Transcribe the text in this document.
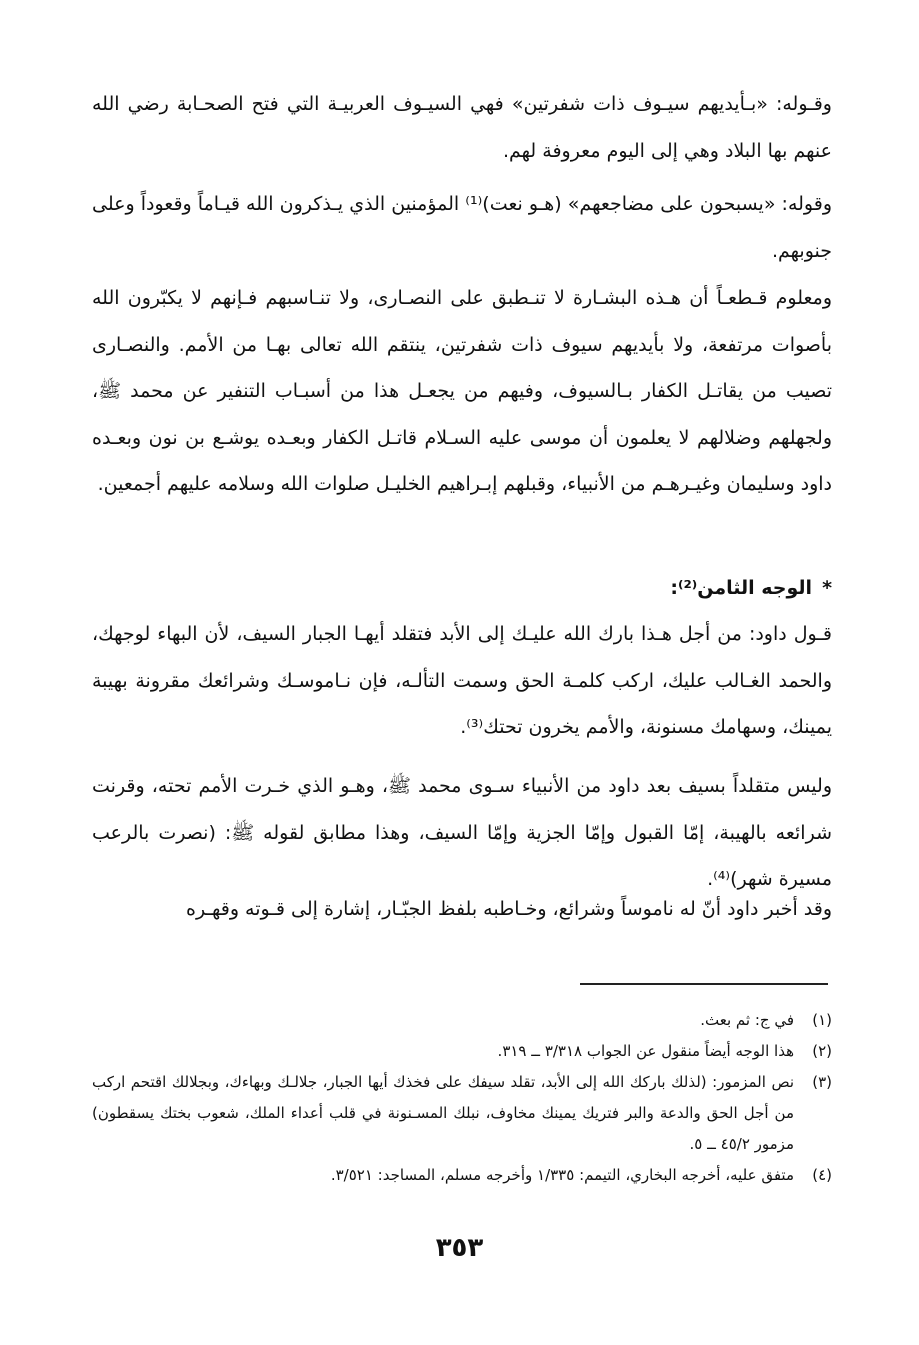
وقـوله: «بـأيديهم سيـوف ذات شفرتين» فهي السيـوف العربيـة التي فتح الصحـابة رضي الله عنهم بها البلاد وهي إلى اليوم معروفة لهم.

وقوله: «يسبحون على مضاجعهم» (هـو نعت)⁽¹⁾ المؤمنين الذي يـذكرون الله قيـاماً وقعوداً وعلى جنوبهم.

ومعلوم قـطعـاً أن هـذه البشـارة لا تنـطبق على النصـارى، ولا تنـاسبهم فـإنهم لا يكبّرون الله بأصوات مرتفعة، ولا بأيديهم سيوف ذات شفرتين، ينتقم الله تعالى بهـا من الأمم. والنصـارى تصيب من يقاتـل الكفار بـالسيوف، وفيهم من يجعـل هذا من أسبـاب التنفير عن محمد ﷺ، ولجهلهم وضلالهم لا يعلمون أن موسى عليه السـلام قاتـل الكفار وبعـده يوشـع بن نون وبعـده داود وسليمان وغيـرهـم من الأنبياء، وقبلهم إبـراهيم الخليـل صلوات الله وسلامه عليهم أجمعين.

*الوجه الثامن⁽²⁾:

قـول داود: من أجل هـذا بارك الله عليـك إلى الأبد فتقلد أيهـا الجبار السيف، لأن البهاء لوجهك، والحمد الغـالب عليك، اركب كلمـة الحق وسمت التألـه، فإن نـاموسـك وشرائعك مقرونة بهيبة يمينك، وسهامك مسنونة، والأمم يخرون تحتك⁽³⁾.

وليس متقلداً بسيف بعد داود من الأنبياء سـوى محمد ﷺ، وهـو الذي خـرت الأمم تحته، وقرنت شرائعه بالهيبة، إمّا القبول وإمّا الجزية وإمّا السيف، وهذا مطابق لقوله ﷺ: (نصرت بالرعب مسيرة شهر)⁽⁴⁾.

وقد أخبر داود أنّ له ناموساً وشرائع، وخـاطبه بلفظ الجبّـار، إشارة إلى قـوته وقهـره

(١)
في ج: ثم بعث.
(٢)
هذا الوجه أيضاً منقول عن الجواب ٣/٣١٨ ــ ٣١٩.
(٣)
نص المزمور: (لذلك باركك الله إلى الأبد، تقلد سيفك على فخذك أيها الجبار، جلالـك وبهاءك، وبجلالك اقتحم اركب من أجل الحق والدعة والبر فتريك يمينك مخاوف، نبلك المسـنونة في قلب أعداء الملك، شعوب بختك يسقطون) مزمور ٤٥/٢ ــ ٥.
(٤)
متفق عليه، أخرجه البخاري، التيمم: ١/٣٣٥ وأخرجه مسلم، المساجد: ٣/٥٢١.
٣٥٣
